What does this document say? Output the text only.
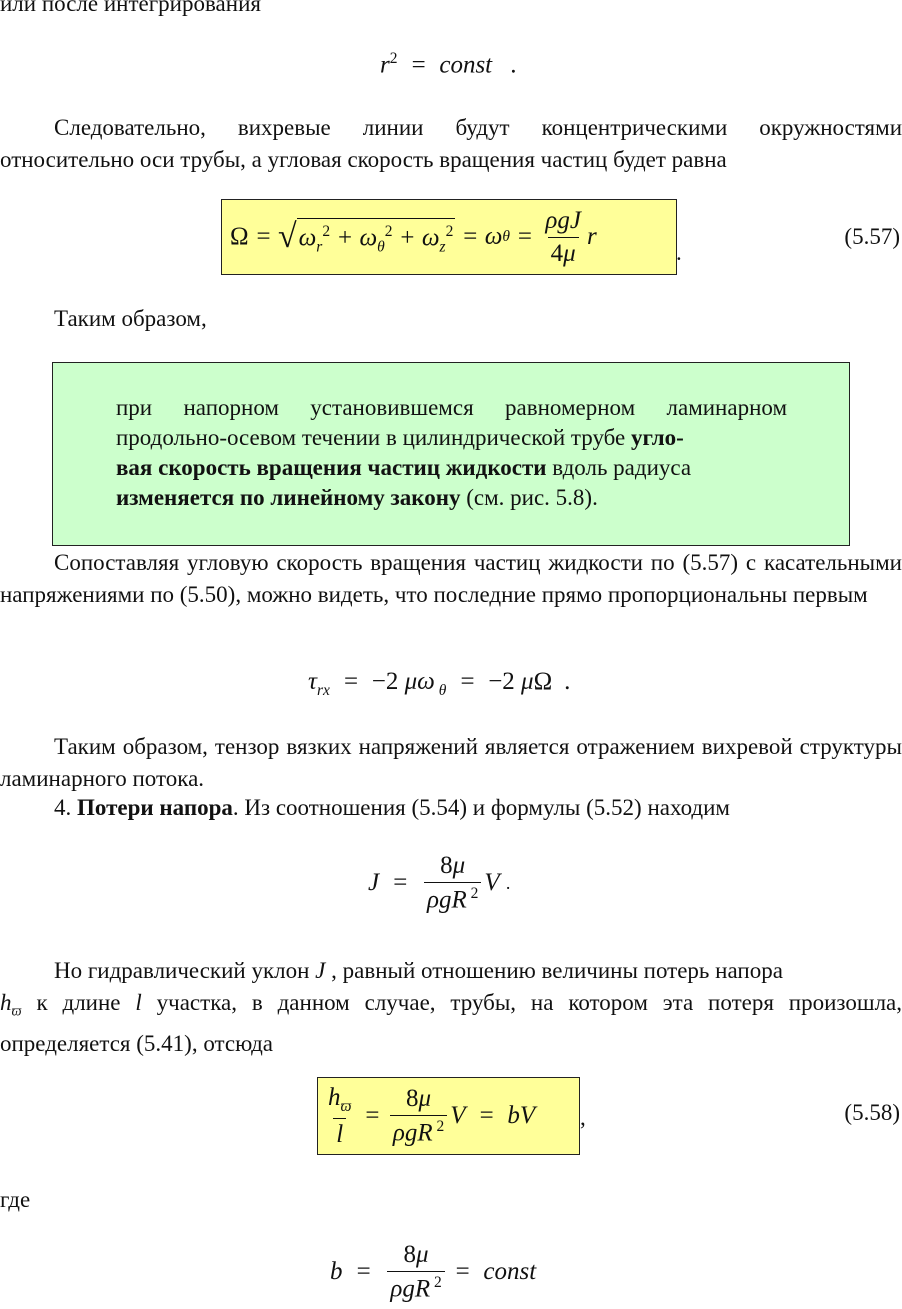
или после интегрирования
$r^2$  =  const   .
Следовательно, вихревые линии будут концентрическими окружностями относительно оси трубы, а угловая скорость вращения частиц будет равна
Ω = √ $\omega_r^2 + \omega_\theta^2 + \omega_z^2 = \omega$ $\theta = \frac{\text{ρgJ}}{4\mu}$ r
.
(5.57)
Таким образом,
при напорном установившемся равномерном ламинарном продольно-осевом течении в цилиндрической трубе угло-
вая скорость вращения частиц жидкости вдоль радиуса
изменяется по линейному закону (см. рис. 5.8).
Сопоставляя угловую скорость вращения частиц жидкости по (5.57) с касательными напряжениями по (5.50), можно видеть, что последние прямо пропорциональны первым
$\tau_{rx} = -2$ μω $_\theta$  =  −2 μΩ  .
Таким образом, тензор вязких напряжений является отражением вихревой структуры ламинарного потока.
4. Потери напора. Из соотношения (5.54) и формулы (5.52) находим
$J = \frac{8\mu}{\rho gR ^2}$ V .
Но гидравлический уклон J , равный отношению величины потерь напора
$h_ϖ$ к длине l участка, в данном случае, трубы, на котором эта потеря произошла, определяется (5.41), отсюда
$\frac{h_ϖ}{l} = \frac{8\mu}{\rho gR ^2}$ V  =  bV ,	(5.58)
где
$b = \frac{8\mu}{\rho gR ^2}$ =  const
